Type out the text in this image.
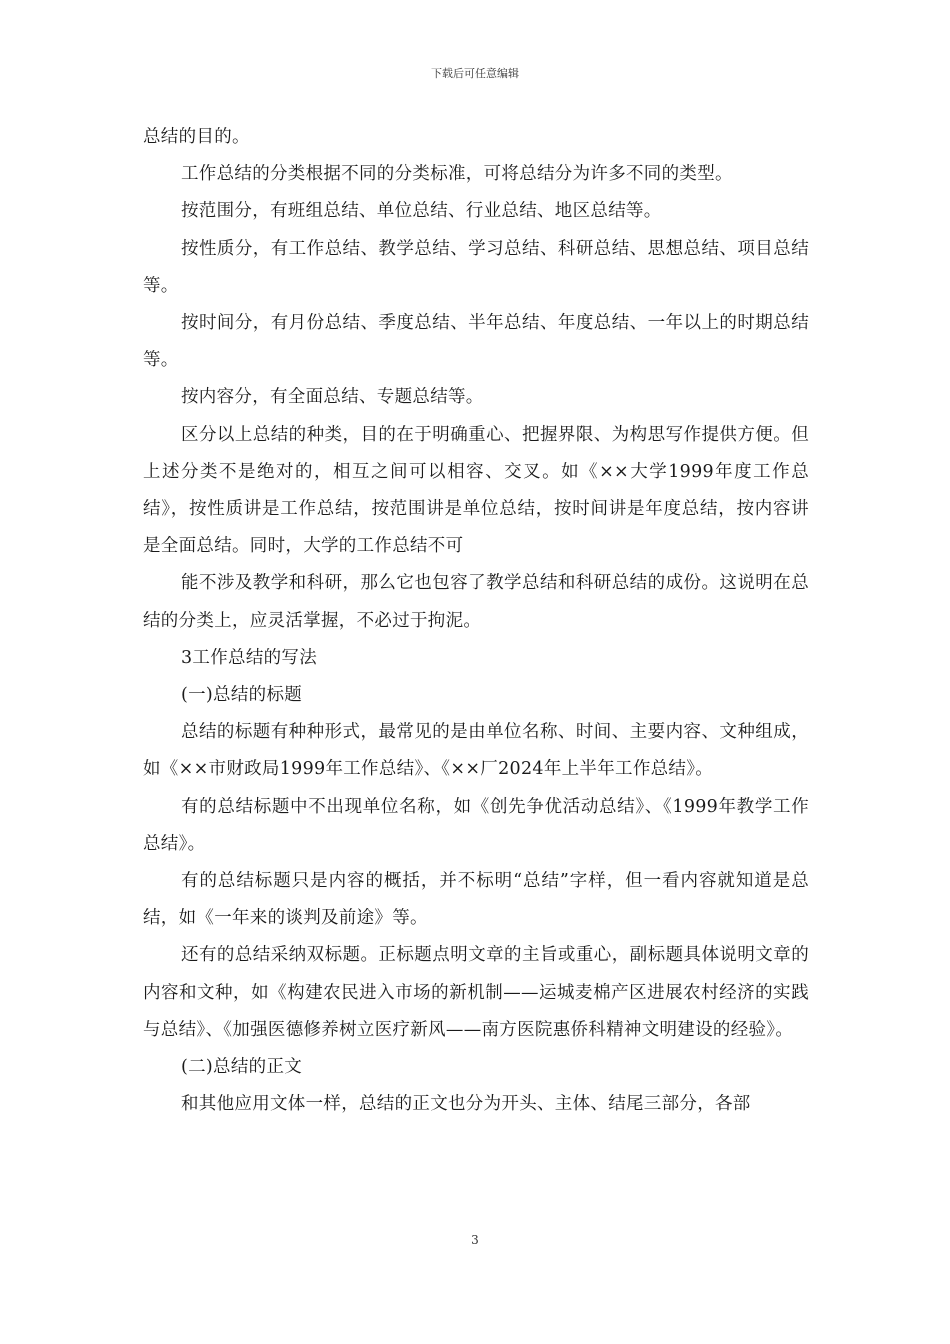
下载后可任意编辑

总结的目的。

工作总结的分类根据不同的分类标准，可将总结分为许多不同的类型。

按范围分，有班组总结、单位总结、行业总结、地区总结等。

按性质分，有工作总结、教学总结、学习总结、科研总结、思想总结、项目总结等。

按时间分，有月份总结、季度总结、半年总结、年度总结、一年以上的时期总结等。

按内容分，有全面总结、专题总结等。

区分以上总结的种类，目的在于明确重心、把握界限、为构思写作提供方便。但上述分类不是绝对的，相互之间可以相容、交叉。如《××大学1999年度工作总结》，按性质讲是工作总结，按范围讲是单位总结，按时间讲是年度总结，按内容讲是全面总结。同时，大学的工作总结不可

能不涉及教学和科研，那么它也包容了教学总结和科研总结的成份。这说明在总结的分类上，应灵活掌握，不必过于拘泥。

3工作总结的写法

(一)总结的标题

总结的标题有种种形式，最常见的是由单位名称、时间、主要内容、文种组成，如《××市财政局1999年工作总结》、《××厂2024年上半年工作总结》。

有的总结标题中不出现单位名称，如《创先争优活动总结》、《1999年教学工作总结》。

有的总结标题只是内容的概括，并不标明“总结”字样，但一看内容就知道是总结，如《一年来的谈判及前途》等。

还有的总结采纳双标题。正标题点明文章的主旨或重心，副标题具体说明文章的内容和文种，如《构建农民进入市场的新机制——运城麦棉产区进展农村经济的实践与总结》、《加强医德修养树立医疗新风——南方医院惠侨科精神文明建设的经验》。

(二)总结的正文

和其他应用文体一样，总结的正文也分为开头、主体、结尾三部分，各部

3
